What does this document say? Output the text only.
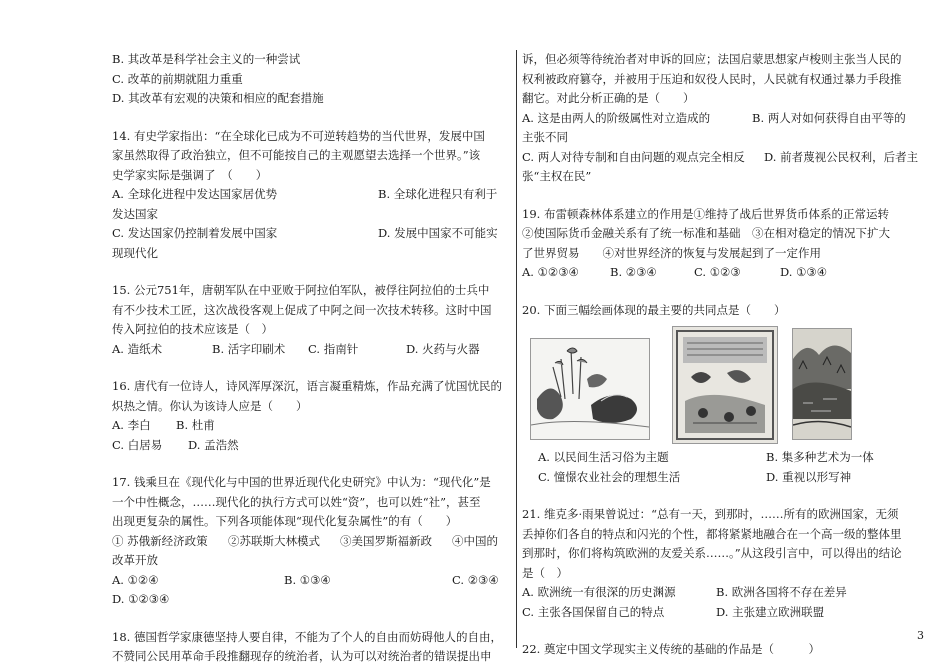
B. 其改革是科学社会主义的一种尝试
C. 改革的前期就阻力重重
D. 其改革有宏观的决策和相应的配套措施
14. 有史学家指出：“在全球化已成为不可逆转趋势的当代世界，发展中国
家虽然取得了政治独立，但不可能按自己的主观愿望去选择一个世界。”该
史学家实际是强调了　（　　）
A. 全球化进程中发达国家居优势	B. 全球化进程只有利于
发达国家
C. 发达国家仍控制着发展中国家	D. 发展中国家不可能实
现现代化
15. 公元751年，唐朝军队在中亚败于阿拉伯军队，被俘往阿拉伯的士兵中
有不少技术工匠，这次战役客观上促成了中阿之间一次技术转移。这时中国
传入阿拉伯的技术应该是（　）
A. 造纸术	B. 活字印刷术 C. 指南针	D. 火药与火器
16. 唐代有一位诗人，诗风浑厚深沉，语言凝重精炼，作品充满了忧国忧民的
炽热之情。你认为该诗人应是（　　）
A. 李白 B. 杜甫
C. 白居易 D. 孟浩然
17. 钱乘旦在《现代化与中国的世界近现代化史研究》中认为：“现代化”是
一个中性概念，……现代化的执行方式可以姓“资”，也可以姓“社”，甚至
出现更复杂的属性。下列各项能体现“现代化复杂属性”的有（　　）
① 苏俄新经济政策 ②苏联斯大林模式 ③美国罗斯福新政 ④中国的
改革开放
A. ①②④	B. ①③④	C. ②③④
D. ①②③④
18. 德国哲学家康德坚持人要自律，不能为了个人的自由而妨碍他人的自由，
不赞同公民用革命手段推翻现存的统治者，认为可以对统治者的错误提出申
诉，但必须等待统治者对申诉的回应；法国启蒙思想家卢梭则主张当人民的
权利被政府篡夺，并被用于压迫和奴役人民时，人民就有权通过暴力手段推
翻它。对此分析正确的是（　　）
A. 这是由两人的阶级属性对立造成的	B. 两人对如何获得自由平等的
主张不同
C. 两人对待专制和自由问题的观点完全相反 D. 前者蔑视公民权利，后者主
张“主权在民”
19. 布雷顿森林体系建立的作用是①维持了战后世界货币体系的正常运转
②使国际货币金融关系有了统一标准和基础　③在相对稳定的情况下扩大
了世界贸易　　④对世界经济的恢复与发展起到了一定作用
A. ①②③④	B. ②③④	C. ①②③	D. ①③④
20. 下面三幅绘画体现的最主要的共同点是（　　）
A. 以民间生活习俗为主题	B. 集多种艺术为一体
C. 憧憬农业社会的理想生活	D. 重视以形写神
21. 维克多·雨果曾说过：“总有一天，到那时，……所有的欧洲国家，无须
丢掉你们各自的特点和闪光的个性，都将紧紧地融合在一个高一级的整体里
到那时，你们将构筑欧洲的友爱关系……。”从这段引言中，可以得出的结论
是（　）
A. 欧洲统一有很深的历史渊源	B. 欧洲各国将不存在差异
C. 主张各国保留自己的特点	D. 主张建立欧洲联盟
22. 奠定中国文学现实主义传统的基础的作品是（　　　）
3
